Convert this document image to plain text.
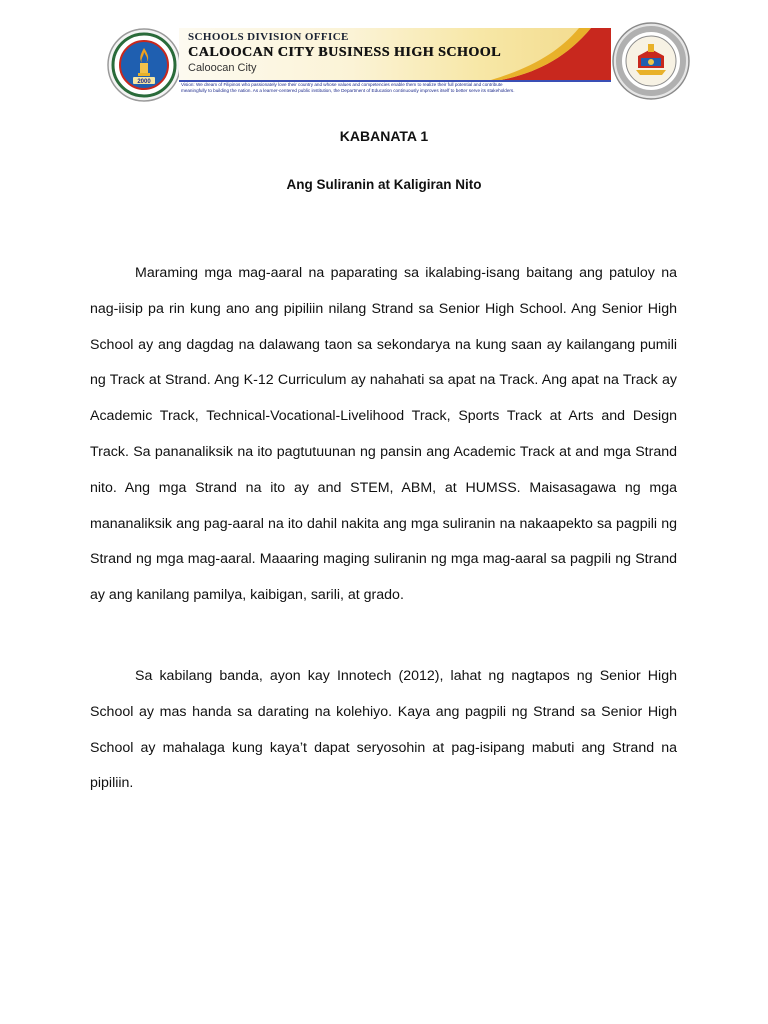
2000
SCHOOLS DIVISION OFFICE
CALOOCAN CITY BUSINESS HIGH SCHOOL
Caloocan City
Vision: We dream of Filipinos who passionately love their country and whose values and competencies enable them to realize their full potential and contribute
meaningfully to building the nation. As a learner-centered public institution, the Department of Education continuously improves itself to better serve its stakeholders.
KABANATA 1
Ang Suliranin at Kaligiran Nito

Maraming mga mag-aaral na paparating sa ikalabing-isang baitang ang patuloy na nag-iisip pa rin kung ano ang pipiliin nilang Strand sa Senior High School. Ang Senior High School ay ang dagdag na dalawang taon sa sekondarya na kung saan ay kailangang pumili ng Track at Strand. Ang K-12 Curriculum ay nahahati sa apat na Track. Ang apat na Track ay Academic Track, Technical-Vocational-Livelihood Track, Sports Track at Arts and Design Track. Sa pananaliksik na ito pagtutuunan ng pansin ang Academic Track at and mga Strand nito. Ang mga Strand na ito ay and STEM, ABM, at HUMSS. Maisasagawa ng mga mananaliksik ang pag-aaral na ito dahil nakita ang mga suliranin na nakaapekto sa pagpili ng Strand ng mga mag-aaral. Maaaring maging suliranin ng mga mag-aaral sa pagpili ng Strand ay ang kanilang pamilya, kaibigan, sarili, at grado.

Sa kabilang banda, ayon kay Innotech (2012), lahat ng nagtapos ng Senior High School ay mas handa sa darating na kolehiyo. Kaya ang pagpili ng Strand sa Senior High School ay mahalaga kung kaya’t dapat seryosohin at pag-isipang mabuti ang Strand na pipiliin.
